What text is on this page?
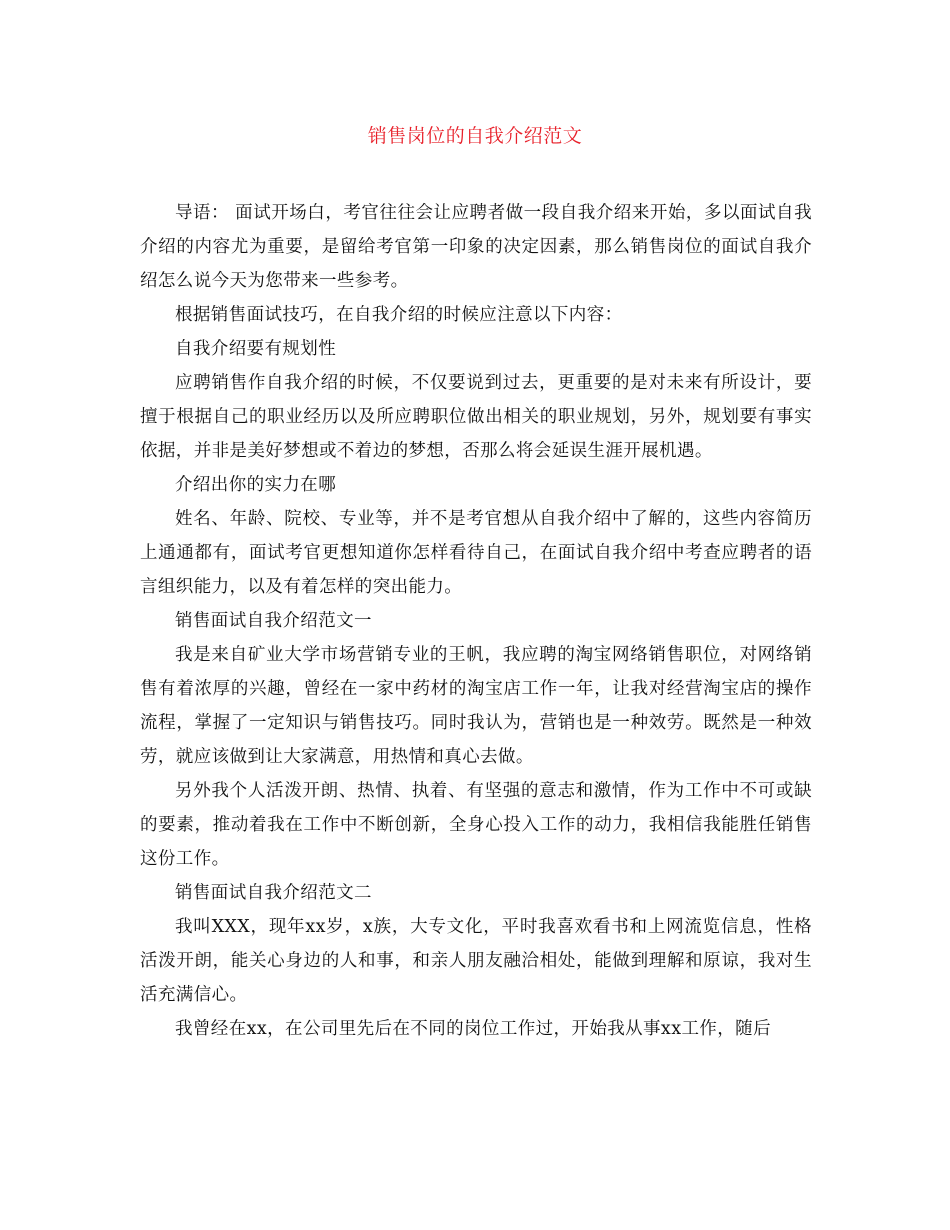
销售岗位的自我介绍范文

导语： 面试开场白，考官往往会让应聘者做一段自我介绍来开始，多以面试自我介绍的内容尤为重要，是留给考官第一印象的决定因素，那么销售岗位的面试自我介绍怎么说今天为您带来一些参考。

根据销售面试技巧，在自我介绍的时候应注意以下内容：

自我介绍要有规划性

应聘销售作自我介绍的时候，不仅要说到过去，更重要的是对未来有所设计，要擅于根据自己的职业经历以及所应聘职位做出相关的职业规划，另外，规划要有事实依据，并非是美好梦想或不着边的梦想，否那么将会延误生涯开展机遇。

介绍出你的实力在哪

姓名、年龄、院校、专业等，并不是考官想从自我介绍中了解的，这些内容简历上通通都有，面试考官更想知道你怎样看待自己，在面试自我介绍中考查应聘者的语言组织能力，以及有着怎样的突出能力。

销售面试自我介绍范文一

我是来自矿业大学市场营销专业的王帆，我应聘的淘宝网络销售职位，对网络销售有着浓厚的兴趣，曾经在一家中药材的淘宝店工作一年，让我对经营淘宝店的操作流程，掌握了一定知识与销售技巧。同时我认为，营销也是一种效劳。既然是一种效劳，就应该做到让大家满意，用热情和真心去做。

另外我个人活泼开朗、热情、执着、有坚强的意志和激情，作为工作中不可或缺的要素，推动着我在工作中不断创新，全身心投入工作的动力，我相信我能胜任销售这份工作。

销售面试自我介绍范文二

我叫XXX，现年xx岁，x族，大专文化，平时我喜欢看书和上网流览信息，性格活泼开朗，能关心身边的人和事，和亲人朋友融洽相处，能做到理解和原谅，我对生活充满信心。

我曾经在xx，在公司里先后在不同的岗位工作过，开始我从事xx工作，随后
